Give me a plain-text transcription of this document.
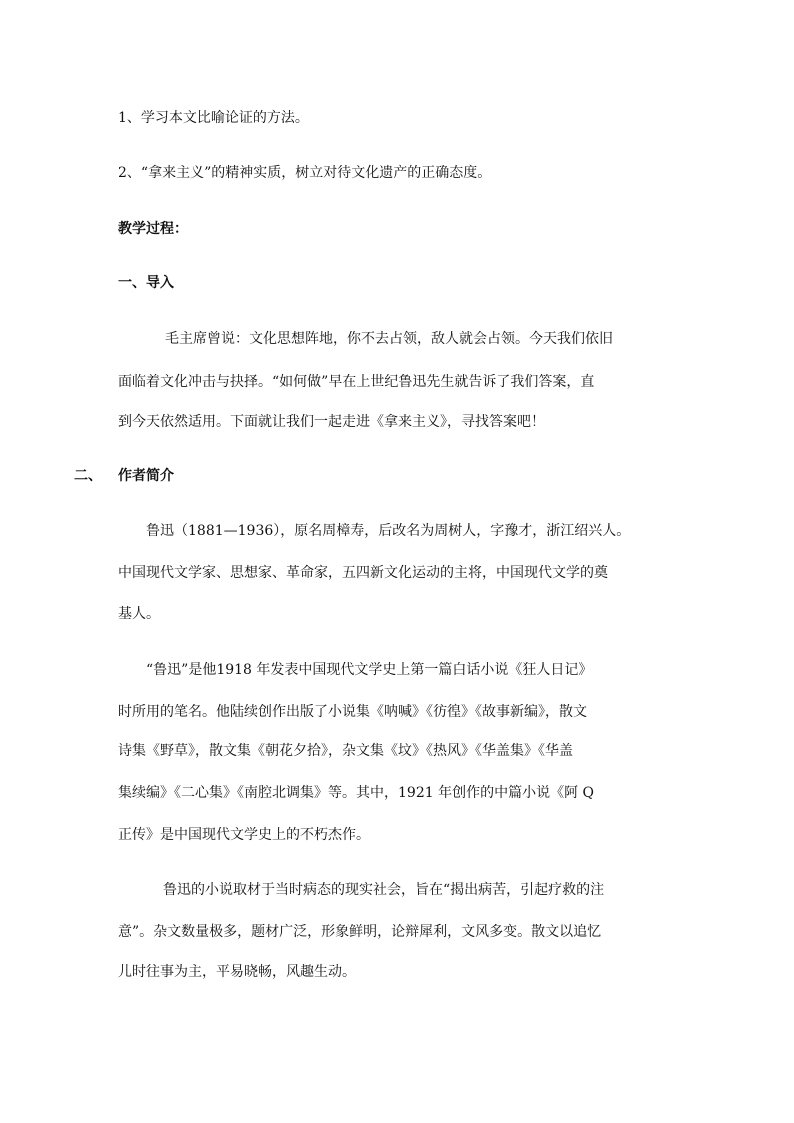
1、学习本文比喻论证的方法。
2、“拿来主义”的精神实质，树立对待文化遗产的正确态度。
教学过程：
一、导入
毛主席曾说：文化思想阵地，你不去占领，敌人就会占领。今天我们依旧
面临着文化冲击与抉择。“如何做”早在上世纪鲁迅先生就告诉了我们答案，直
到今天依然适用。下面就让我们一起走进《拿来主义》，寻找答案吧！
二、 作者简介
鲁迅（1881—1936），原名周樟寿，后改名为周树人，字豫才，浙江绍兴人。
中国现代文学家、思想家、革命家，五四新文化运动的主将，中国现代文学的奠
基人。
“鲁迅”是他1918 年发表中国现代文学史上第一篇白话小说《狂人日记》
时所用的笔名。他陆续创作出版了小说集《呐喊》《彷徨》《故事新编》，散文
诗集《野草》，散文集《朝花夕拾》，杂文集《坟》《热风》《华盖集》《华盖
集续编》《二心集》《南腔北调集》等。其中，1921 年创作的中篇小说《阿 Q
正传》是中国现代文学史上的不朽杰作。
鲁迅的小说取材于当时病态的现实社会，旨在“揭出病苦，引起疗救的注
意”。杂文数量极多，题材广泛，形象鲜明，论辩犀利，文风多变。散文以追忆
儿时往事为主，平易晓畅，风趣生动。
